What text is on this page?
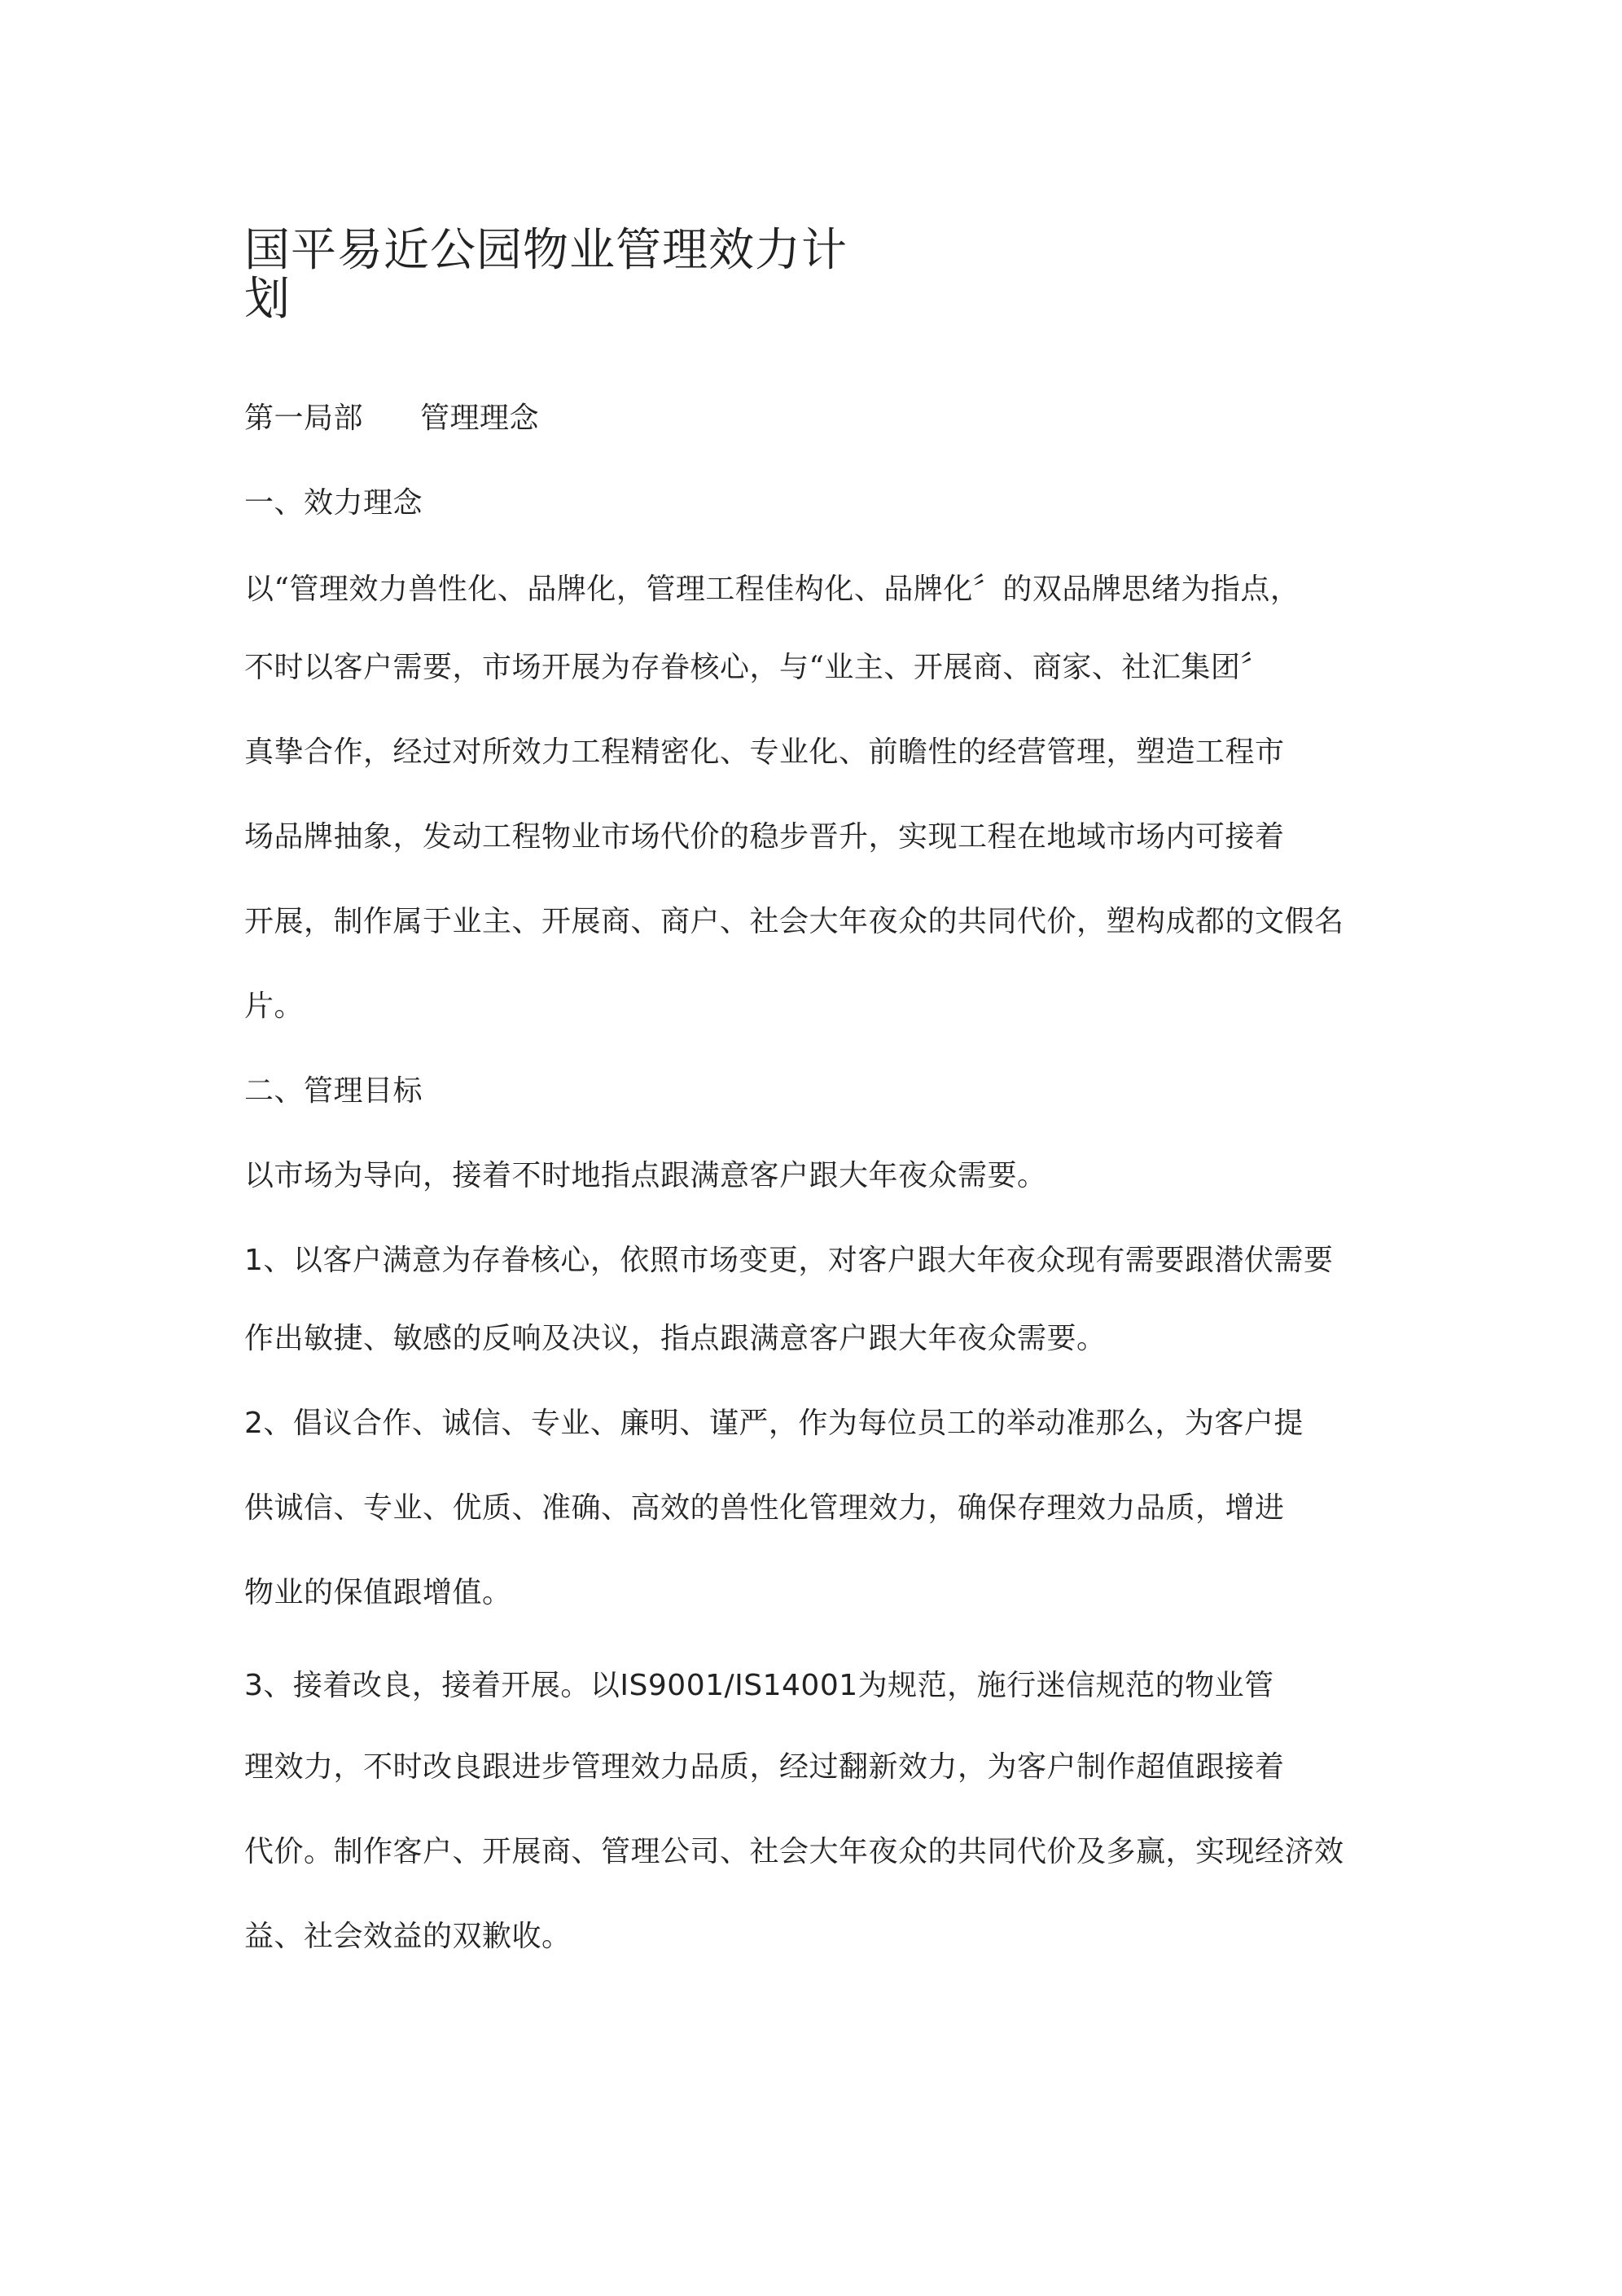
国平易近公园物业管理效力计
划

第一局部 管理理念

一、效力理念

以“管理效力兽性化、品牌化，管理工程佳构化、品牌化〞的双品牌思绪为指点，

不时以客户需要，市场开展为存眷核心，与“业主、开展商、商家、社汇集团〞

真挚合作，经过对所效力工程精密化、专业化、前瞻性的经营管理，塑造工程市

场品牌抽象，发动工程物业市场代价的稳步晋升，实现工程在地域市场内可接着

开展，制作属于业主、开展商、商户、社会大年夜众的共同代价，塑构成都的文假名

片。

二、管理目标

以市场为导向，接着不时地指点跟满意客户跟大年夜众需要。

1、以客户满意为存眷核心，依照市场变更，对客户跟大年夜众现有需要跟潜伏需要

作出敏捷、敏感的反响及决议，指点跟满意客户跟大年夜众需要。

2、倡议合作、诚信、专业、廉明、谨严，作为每位员工的举动准那么，为客户提

供诚信、专业、优质、准确、高效的兽性化管理效力，确保存理效力品质，增进

物业的保值跟增值。

3、接着改良，接着开展。以IS9001/IS14001为规范，施行迷信规范的物业管

理效力，不时改良跟进步管理效力品质，经过翻新效力，为客户制作超值跟接着

代价。制作客户、开展商、管理公司、社会大年夜众的共同代价及多赢，实现经济效

益、社会效益的双歉收。
